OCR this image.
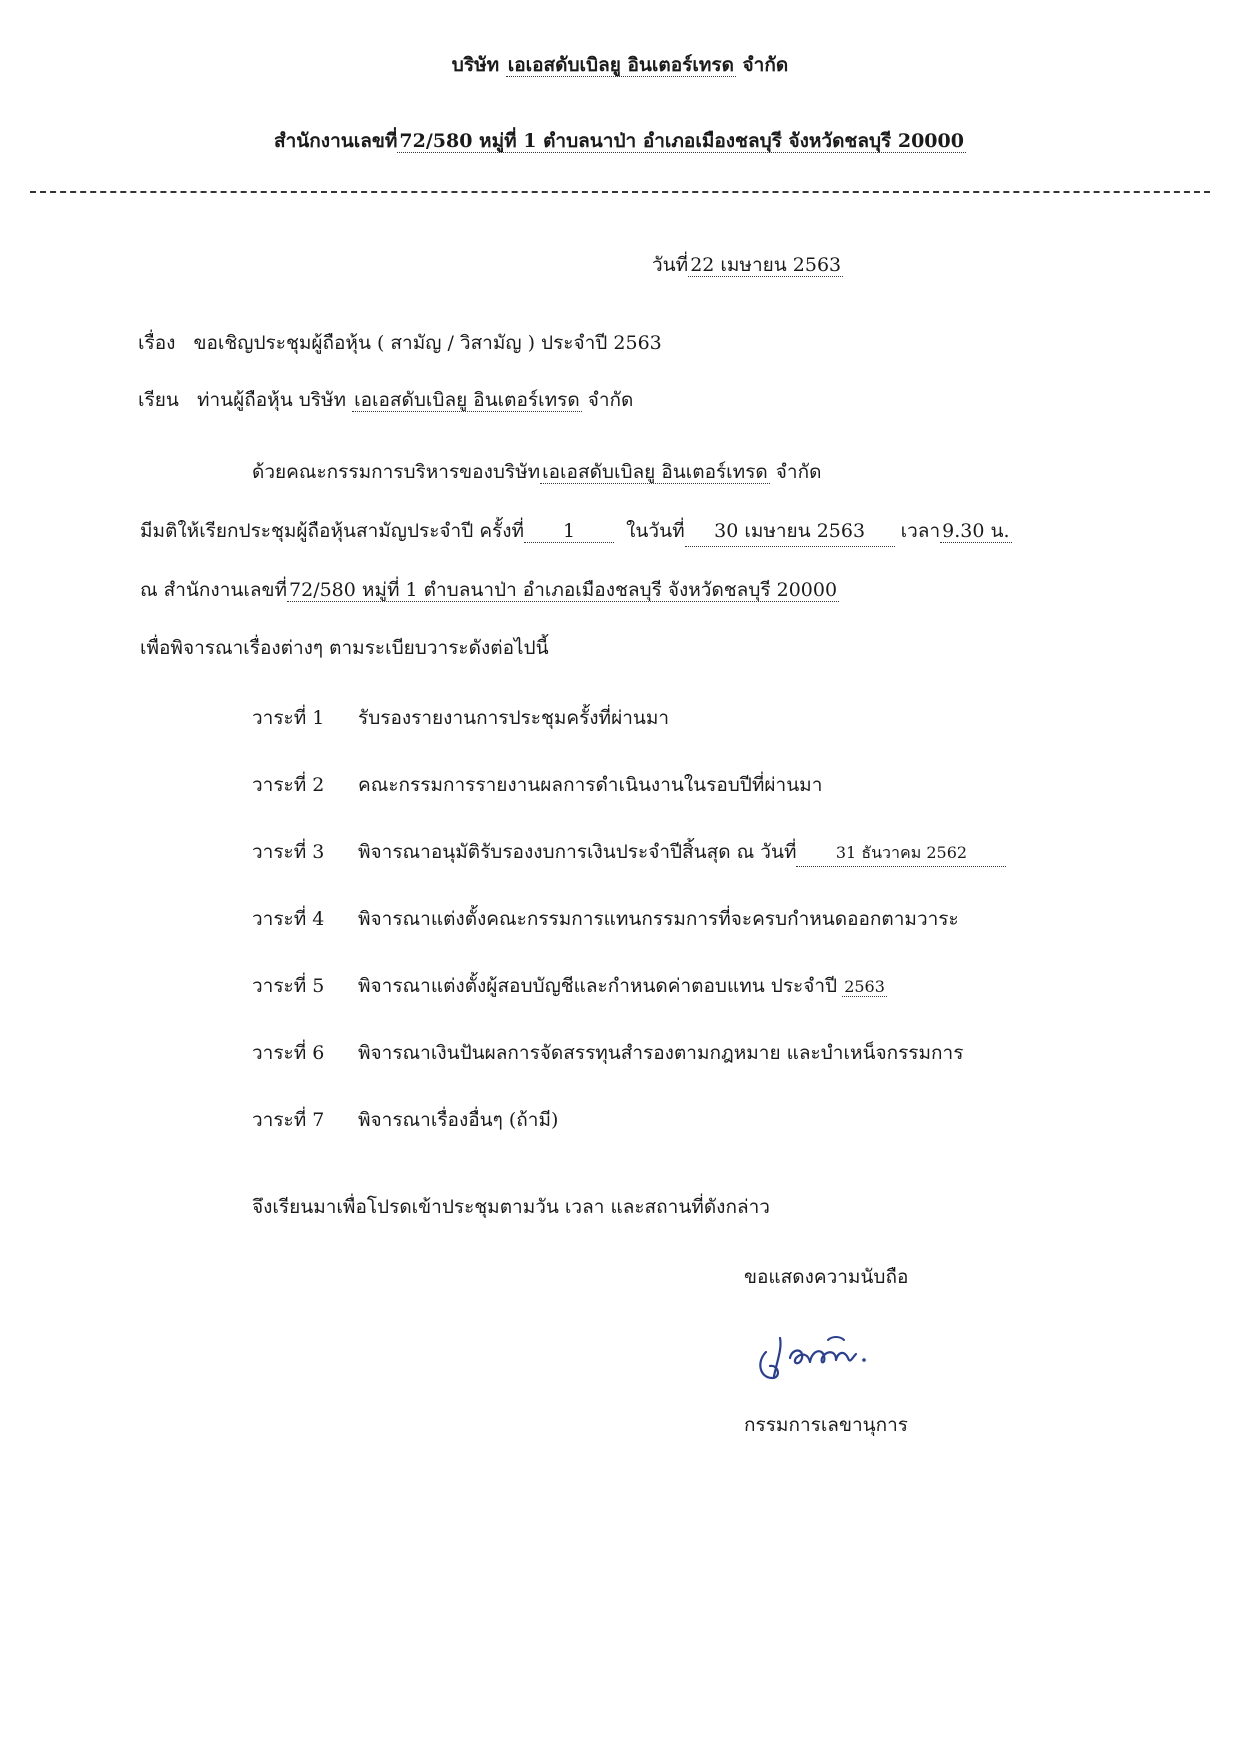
บริษัท เอเอสดับเบิลยู อินเตอร์เทรด จำกัด
สำนักงานเลขที่ 72/580 หมู่ที่ 1 ตำบลนาป่า อำเภอเมืองชลบุรี จังหวัดชลบุรี 20000
วันที่ 22 เมษายน 2563
เรื่อง ขอเชิญประชุมผู้ถือหุ้น ( สามัญ / วิสามัญ ) ประจำปี 2563
เรียน ท่านผู้ถือหุ้น บริษัท เอเอสดับเบิลยู อินเตอร์เทรด จำกัด
ด้วยคณะกรรมการบริหารของบริษัท เอเอสดับเบิลยู อินเตอร์เทรด จำกัด
มีมติให้เรียกประชุมผู้ถือหุ้นสามัญประจำปี ครั้งที่ 1	ในวันที่ 30 เมษายน 2563 เวลา 9.30 น.
ณ สำนักงานเลขที่ 72/580 หมู่ที่ 1 ตำบลนาป่า อำเภอเมืองชลบุรี จังหวัดชลบุรี 20000
เพื่อพิจารณาเรื่องต่างๆ ตามระเบียบวาระดังต่อไปนี้
วาระที่ 1 รับรองรายงานการประชุมครั้งที่ผ่านมา
วาระที่ 2 คณะกรรมการรายงานผลการดำเนินงานในรอบปีที่ผ่านมา
วาระที่ 3 พิจารณาอนุมัติรับรองงบการเงินประจำปีสิ้นสุด ณ วันที่ 31 ธันวาคม 2562
วาระที่ 4 พิจารณาแต่งตั้งคณะกรรมการแทนกรรมการที่จะครบกำหนดออกตามวาระ
วาระที่ 5 พิจารณาแต่งตั้งผู้สอบบัญชีและกำหนดค่าตอบแทน ประจำปี 2563
วาระที่ 6 พิจารณาเงินปันผลการจัดสรรทุนสำรองตามกฎหมาย และบำเหน็จกรรมการ
วาระที่ 7 พิจารณาเรื่องอื่นๆ (ถ้ามี)
จึงเรียนมาเพื่อโปรดเข้าประชุมตามวัน เวลา และสถานที่ดังกล่าว
ขอแสดงความนับถือ
กรรมการเลขานุการ
